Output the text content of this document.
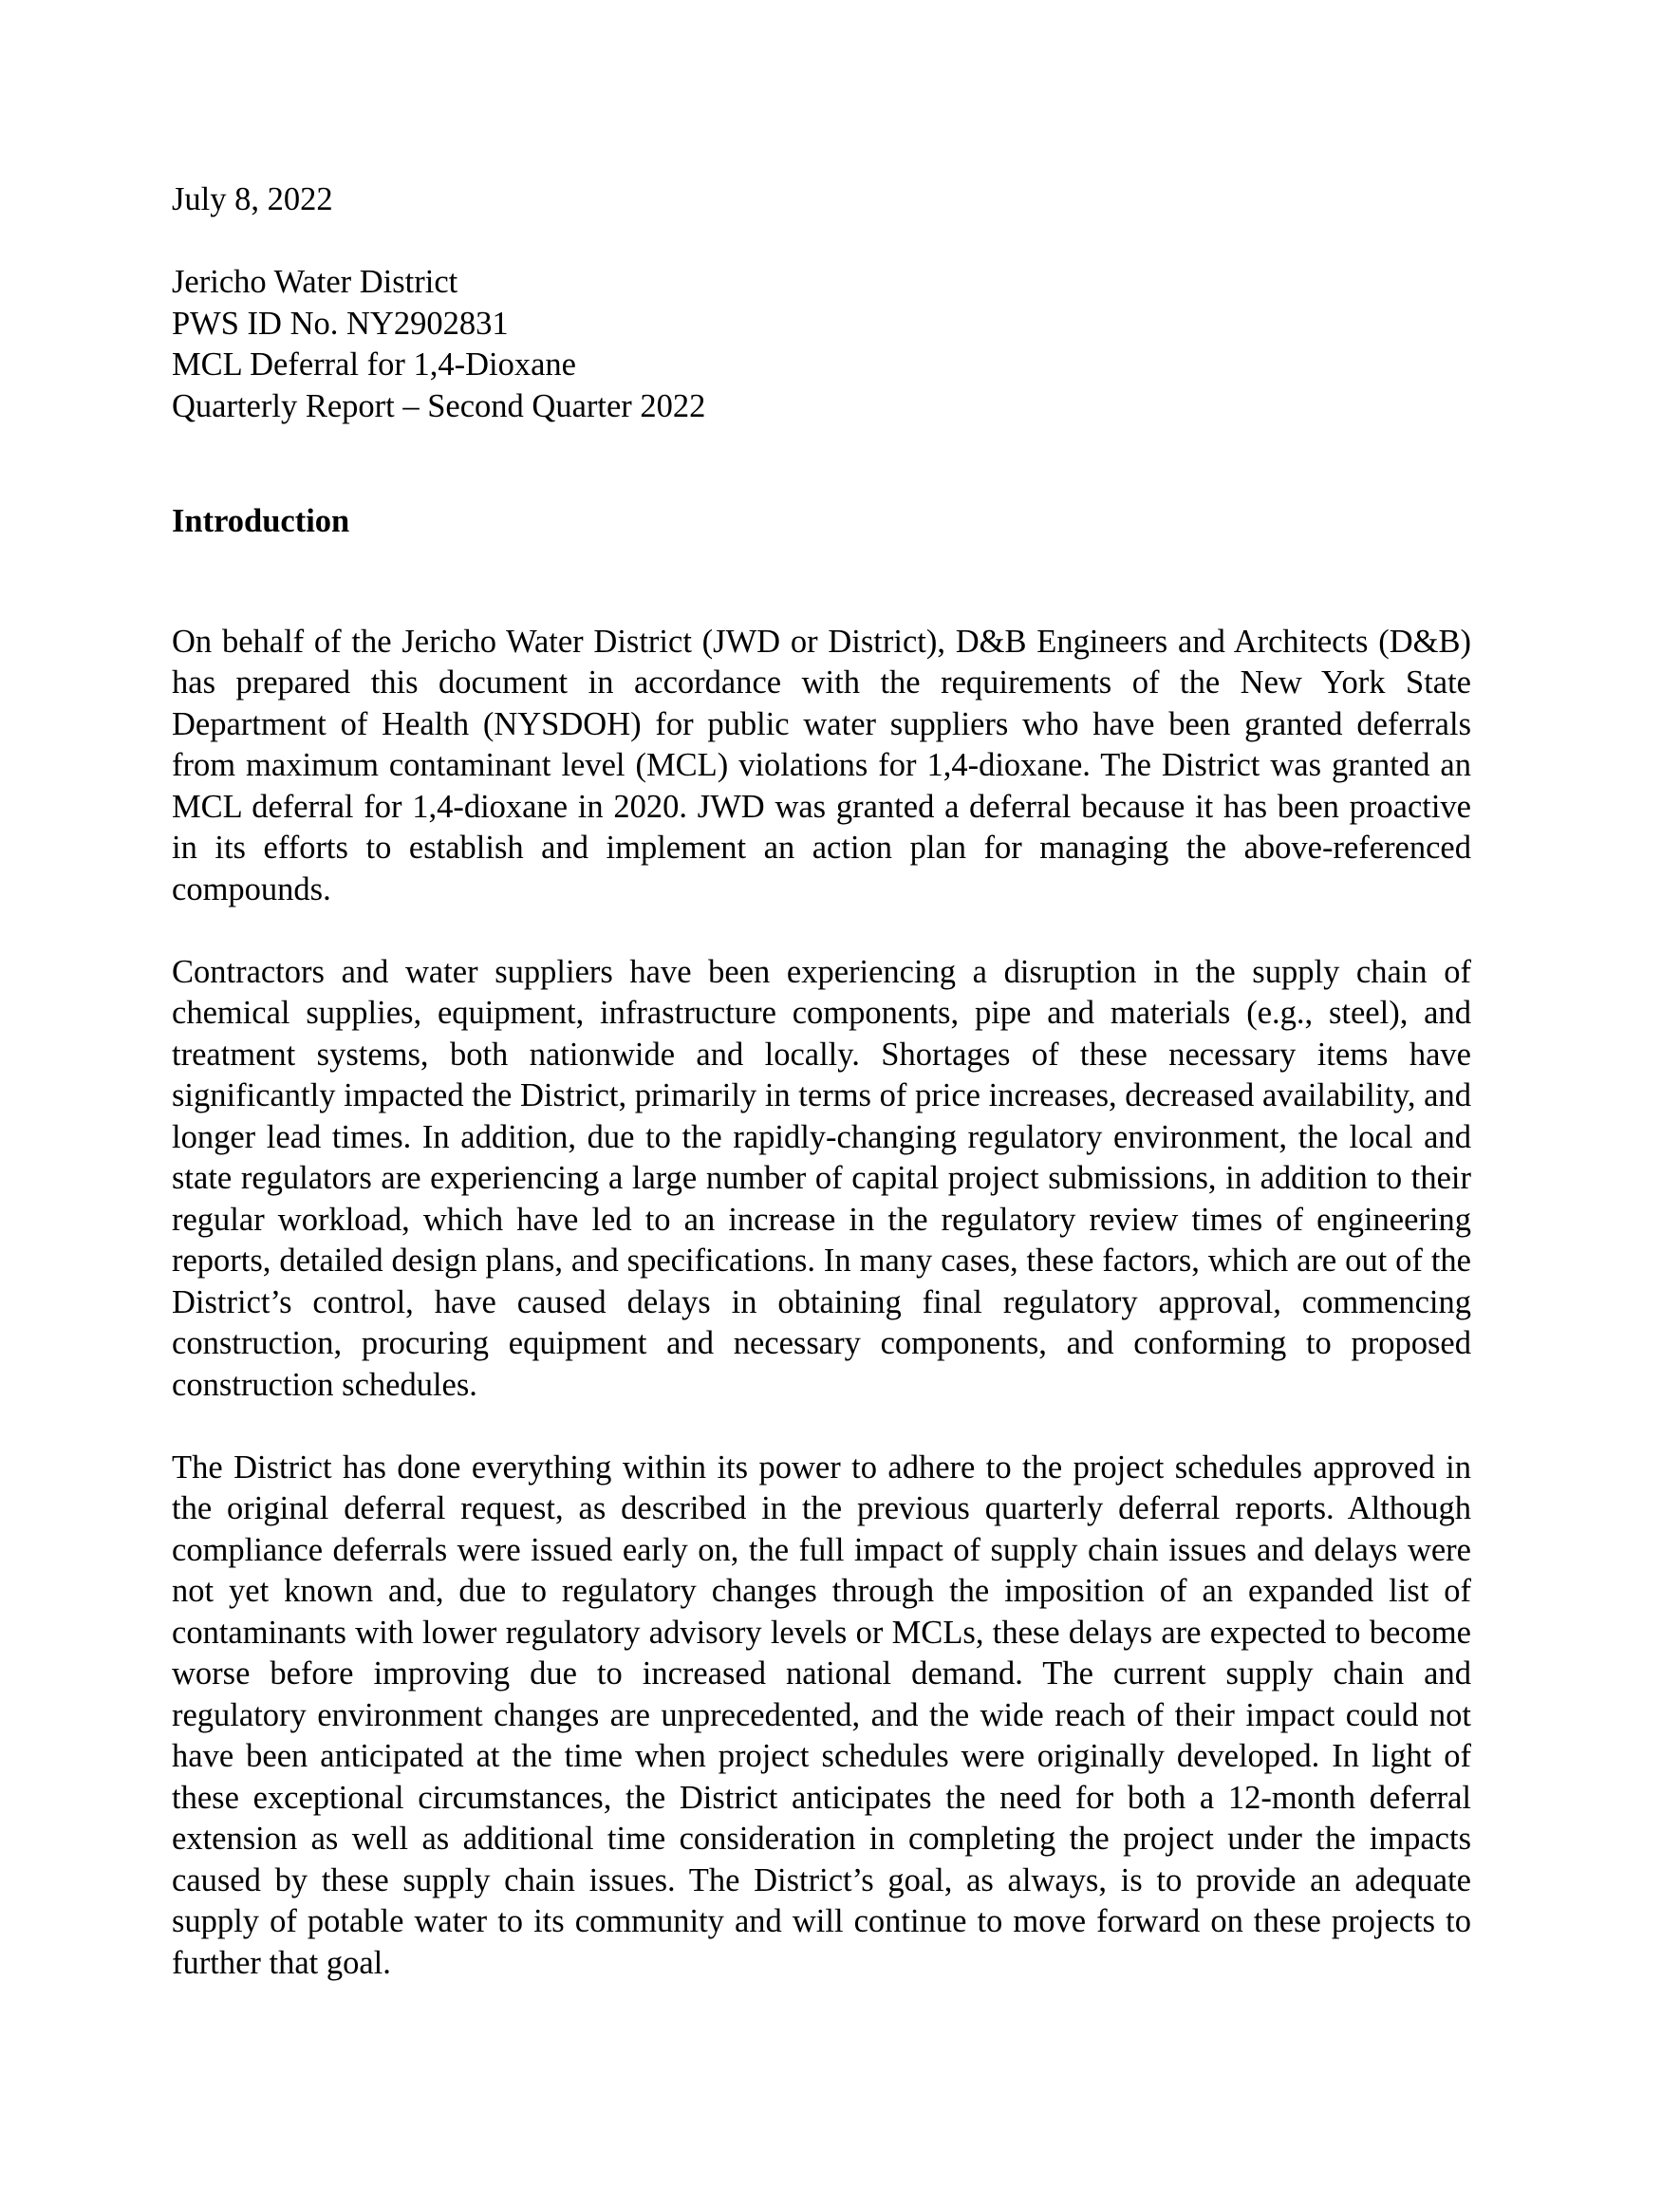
July 8, 2022

Jericho Water District

PWS ID No. NY2902831

MCL Deferral for 1,4-Dioxane

Quarterly Report – Second Quarter 2022

Introduction

On behalf of the Jericho Water District (JWD or District), D&B Engineers and Architects (D&B) has prepared this document in accordance with the requirements of the New York State Department of Health (NYSDOH) for public water suppliers who have been granted deferrals from maximum contaminant level (MCL) violations for 1,4-dioxane. The District was granted an MCL deferral for 1,4-dioxane in 2020. JWD was granted a deferral because it has been proactive in its efforts to establish and implement an action plan for managing the above-referenced compounds.

Contractors and water suppliers have been experiencing a disruption in the supply chain of chemical supplies, equipment, infrastructure components, pipe and materials (e.g., steel), and treatment systems, both nationwide and locally. Shortages of these necessary items have significantly impacted the District, primarily in terms of price increases, decreased availability, and longer lead times. In addition, due to the rapidly-changing regulatory environment, the local and state regulators are experiencing a large number of capital project submissions, in addition to their regular workload, which have led to an increase in the regulatory review times of engineering reports, detailed design plans, and specifications. In many cases, these factors, which are out of the District’s control, have caused delays in obtaining final regulatory approval, commencing construction, procuring equipment and necessary components, and conforming to proposed construction schedules.

The District has done everything within its power to adhere to the project schedules approved in the original deferral request, as described in the previous quarterly deferral reports. Although compliance deferrals were issued early on, the full impact of supply chain issues and delays were not yet known and, due to regulatory changes through the imposition of an expanded list of contaminants with lower regulatory advisory levels or MCLs, these delays are expected to become worse before improving due to increased national demand. The current supply chain and regulatory environment changes are unprecedented, and the wide reach of their impact could not have been anticipated at the time when project schedules were originally developed. In light of these exceptional circumstances, the District anticipates the need for both a 12-month deferral extension as well as additional time consideration in completing the project under the impacts caused by these supply chain issues. The District’s goal, as always, is to provide an adequate supply of potable water to its community and will continue to move forward on these projects to further that goal.
